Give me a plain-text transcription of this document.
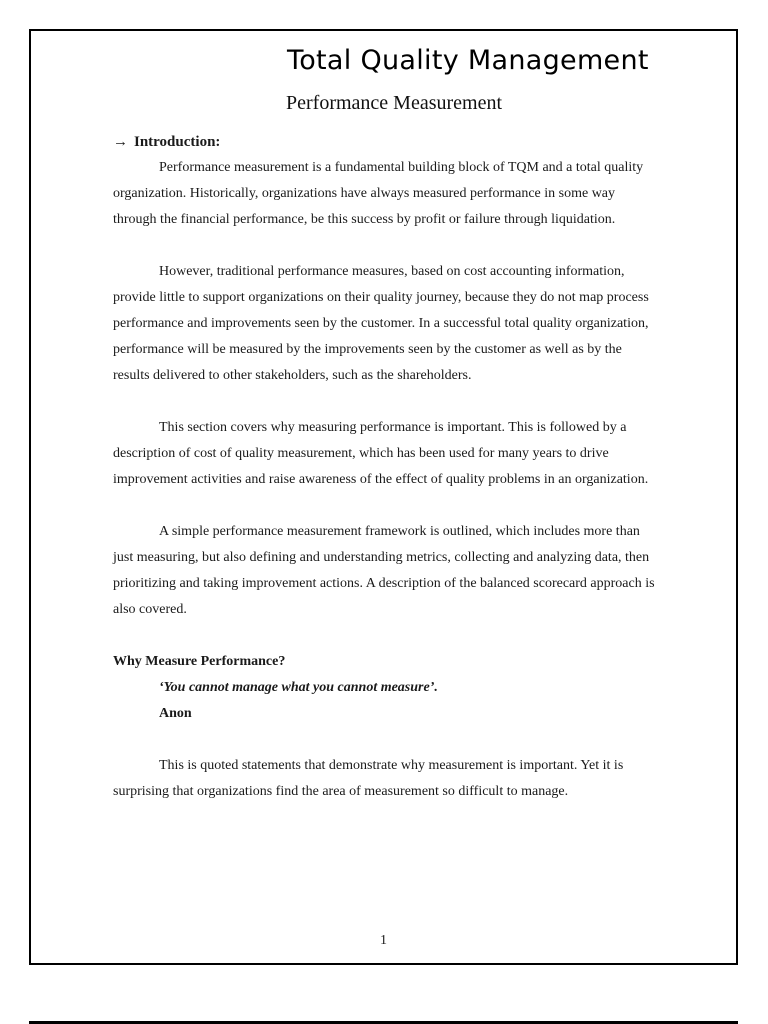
Total Quality Management
Performance Measurement

→ Introduction:

Performance measurement is a fundamental building block of TQM and a total quality organization. Historically, organizations have always measured performance in some way through the financial performance, be this success by profit or failure through liquidation.

However, traditional performance measures, based on cost accounting information, provide little to support organizations on their quality journey, because they do not map process performance and improvements seen by the customer. In a successful total quality organization, performance will be measured by the improvements seen by the customer as well as by the results delivered to other stakeholders, such as the shareholders.

This section covers why measuring performance is important. This is followed by a description of cost of quality measurement, which has been used for many years to drive improvement activities and raise awareness of the effect of quality problems in an organization.

A simple performance measurement framework is outlined, which includes more than just measuring, but also defining and understanding metrics, collecting and analyzing data, then prioritizing and taking improvement actions. A description of the balanced scorecard approach is also covered.

Why Measure Performance?

‘You cannot manage what you cannot measure’.

Anon

This is quoted statements that demonstrate why measurement is important. Yet it is surprising that organizations find the area of measurement so difficult to manage.

1
